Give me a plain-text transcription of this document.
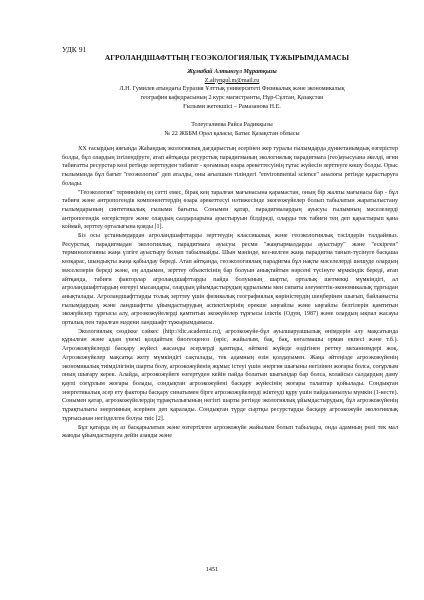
УДК 91
АГРОЛАНДШАФТТЫҢ ГЕОЭКОЛОГИЯЛЫҚ ТҰЖЫРЫМДАМАСЫ
Жұмабай Алтынгүл Мұратқызы
Z.altyngul.m@mail.ru
Л.Н. Гумилев атындағы Еуразия Ұлттық университеті Физикалық және экономикалық
география кафедрасының 2 курс магистранты, Нұр-Сұлтан, Қазақстан
Ғылыми жетекшісі – Рамазанова Н.Е.
Толеугалиева Райса Радикқызы
№ 22 ЖББМ Орал қаласы, Батыс Қазақстан облысы

XX ғасырдың аяғында Жаһандық экологиялық дағдарыстың әсерінен жер туралы ғылымдарда дүниетанымдық өзгерістер болды, бұл олардың ізгілендіруге, атап айтқанда ресурстық парадигманың экологиялық парадигмаға (гео)ауысуына әкелді, яғни табиғатты ресурстар көзі ретінде зерттеуден табиғат - қоғамның өзара әрекеттесуінің тұтас жүйесін зерттеуге көшу болды. Орыс ғылымында бұл бағыт "геоэкология" деп аталды, оны ағылшын тіліндегі "environmental science" аналогы ретінде қарастыруға болады.

"Геоэкология" терминінің ең сәтті емес, бірақ кең таралған мағынасына қарамастан, оның бір жалпы мағынасы бар - бұл табиғи және антропогендік компоненттердің өзара әрекеттесуі нәтижесінде экогеожүйелер болып табылатын жаратылыстану ғылымдарының синтетикалық ғылыми бағыты. Сонымен қатар, парадигмалардың ауысуы ғылымның мәселелерді антропогендік өзгерістерге және олардың салдарларына ауыстыруын білдіреді, оларды тек табиғи тең деп қарастырып қана коймай, зерттеу орталығына қояды [1].

Біз осы ұстанымдардан агроландшафттарды зерттеудің классикалық және геоэкологиялық тәсілдерін талдаймыз. Ресурстық парадигмадан экологиялық парадигмаға ауысуы ресми "жаңғырмалдарды ауыстыру" және "ескірген" терминологияны жаңа үлгіге ауыстыру болып табылмайды. Шын мәнінде, кез-келген жаңа парадигма танып-түсінуге басқаша көзқарас, шындықты жаңа қабылдау береді. Атап айтқанда, геоэкологиялық парадигма бұл нақты мәселелерді шешуде олардың мәселелерін береді және, ең алдымен, зерттеу объектісінің бар болуын анықтайтын нәрсені түсінуге мүмкіндік береді, атап айтқанда, табиғи факторлар агроландшафттарды пайда болуының шарты, орталық шетмекқі мүмкіндігі, ал агроландшафттардың өзгеруі мысандары, олардың ұйымдастырудың құрылымы мен сипаты әлеуметтік-экономикалық тұрғыдан анықталады. Агроландшафттарды толық зерттеу үшін физикалық географиялық көріністердің шеңберінен шығып, байланысты ғылымдардың және ландшафтты ұйымдастырудың аспектілерінің ерекше ыңғайлы және ыңғайлы белгілерін қамтитын экожүйелер тұрғысы алу, агроэкожүйелерді қамтитын экожүйелер тұрғысы іліктік (Одум, 1987) және олардың ықпал жасауы орталық пен таралған мәдени ландшафт тұжырымдамасы.

Экологиялық сөздікке сәйкес (http://dic.academic.ru), агроэкожүйе-бұл ауылшаруашылық өнімдерін алу мақсатында құрылған және адам үнемі қолдайтын биогеоценоз (өріс, жайылым, бақ, бақ, көгалмашы орман екпесі және т.б.). Агроэкожүйелерді басқару жүйесі жасанды әсерлерді қамтиды, өйткені жүйеде өздігінен реттеу механизмдері жоқ. Агроэкожүйелер мақсатқа жету мүмкіндігі сақталады, тек адамның өзін қолдауымен. Жаңа әйтеңізде агроэкожүйенің экономикалық тиімділігінің шарты болу, агроэкожүйенің жұмыс істеуі үшін энергия шығыны негізінен жоғары болса, соғұрлым оның шығару керек. Алайда, агроэкожүйеге өзгертуден кейін пайда болатын шығындар бар болса, колайсыз салдардың даму қаупі соғұрлым жоғары болады, сондықтан агроэкожүйені басқару жүйесінің жоғары талаптар қойылады. Сондықтан энергетикалық әсер ету факторы басқару синатымен бірге агроэкожүйелерді жіктеуді құру үшін пайдаланылуы мүмкін (1-кесте). Сонымен қатар, агроэкожүйелердің тұрақтылығының негізгі шарты ретінде экологиялық ұйымдастырудың, бұл агроэкожүйенің тұрақтылығы энергияның әсерінен деп қаралады. Сондықтан түрде сыртқы ресурстарды басқару агроэкожүйе экологиялық тұрғысынан негізделген болуы тиіс [2].

Бұл қатарда ең аз басқарылатын және өзгертілген агроэкожүйе жайылым болып табылады, онда адамның рөлі тек мал жаюды ұйымдастыруға дейін азаяды және

1451
